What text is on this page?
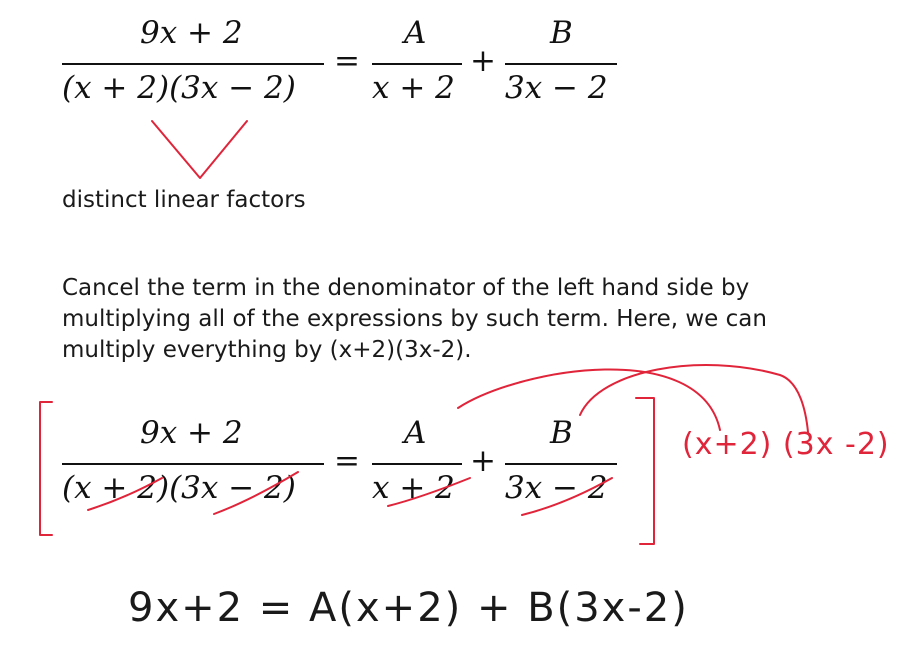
9x + 2
(x + 2)(3x − 2)
=
A
x + 2
+
B
3x − 2
distinct linear factors
Cancel the term in the denominator of the left hand side by
multiplying all of the expressions by such term. Here, we can
multiply everything by (x+2)(3x-2).
9x + 2
(x + 2)(3x − 2)
=
A
x + 2
+
B
3x − 2
(x+2) (3x -2)
9x+2 = A(x+2) + B(3x-2)
